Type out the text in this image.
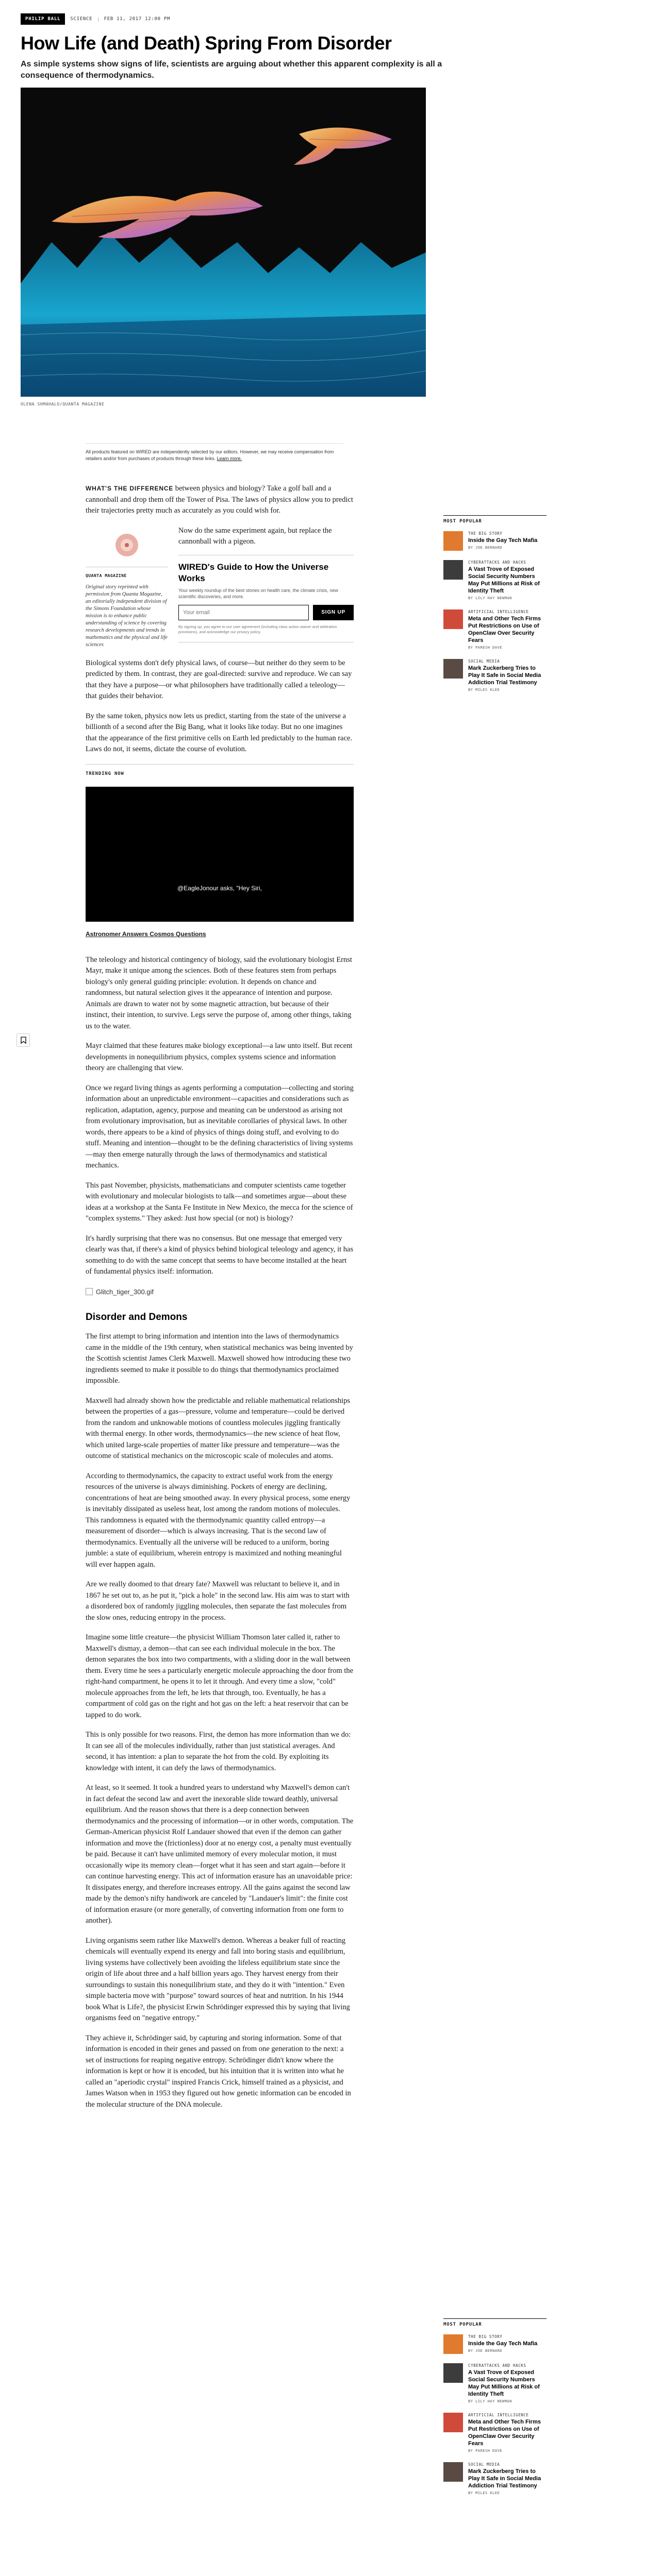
PHILIP BALL	SCIENCE | FEB 11, 2017 12:00 PM
How Life (and Death) Spring From Disorder

As simple systems show signs of life, scientists are arguing about whether this apparent complexity is all a consequence of thermodynamics.

OLENA SHMAHALO/QUANTA MAGAZINE
All products featured on WIRED are independently selected by our editors. However, we may receive compensation from retailers and/or from purchases of products through these links. Learn more.

WHAT'S THE DIFFERENCE between physics and biology? Take a golf ball and a cannonball and drop them off the Tower of Pisa. The laws of physics allow you to predict their trajectories pretty much as accurately as you could wish for.

QUANTA MAGAZINE
Original story reprinted with permission from Quanta Magazine, an editorially independent division of the Simons Foundation whose mission is to enhance public understanding of science by covering research developments and trends in mathematics and the physical and life sciences

Now do the same experiment again, but replace the cannonball with a pigeon.

WIRED's Guide to How the Universe Works
Your weekly roundup of the best stories on health care, the climate crisis, new scientific discoveries, and more.
Your email
SIGN UP
By signing up, you agree to our user agreement (including class action waiver and arbitration provisions), and acknowledge our privacy policy.

Biological systems don't defy physical laws, of course—but neither do they seem to be predicted by them. In contrast, they are goal-directed: survive and reproduce. We can say that they have a purpose—or what philosophers have traditionally called a teleology—that guides their behavior.

By the same token, physics now lets us predict, starting from the state of the universe a billionth of a second after the Big Bang, what it looks like today. But no one imagines that the appearance of the first primitive cells on Earth led predictably to the human race. Laws do not, it seems, dictate the course of evolution.

TRENDING NOW
@EagleJonour asks, "Hey Siri,
Astronomer Answers Cosmos Questions

The teleology and historical contingency of biology, said the evolutionary biologist Ernst Mayr, make it unique among the sciences. Both of these features stem from perhaps biology's only general guiding principle: evolution. It depends on chance and randomness, but natural selection gives it the appearance of intention and purpose. Animals are drawn to water not by some magnetic attraction, but because of their instinct, their intention, to survive. Legs serve the purpose of, among other things, taking us to the water.

Mayr claimed that these features make biology exceptional—a law unto itself. But recent developments in nonequilibrium physics, complex systems science and information theory are challenging that view.

Once we regard living things as agents performing a computation—collecting and storing information about an unpredictable environment—capacities and considerations such as replication, adaptation, agency, purpose and meaning can be understood as arising not from evolutionary improvisation, but as inevitable corollaries of physical laws. In other words, there appears to be a kind of physics of things doing stuff, and evolving to do stuff. Meaning and intention—thought to be the defining characteristics of living systems—may then emerge naturally through the laws of thermodynamics and statistical mechanics.

This past November, physicists, mathematicians and computer scientists came together with evolutionary and molecular biologists to talk—and sometimes argue—about these ideas at a workshop at the Santa Fe Institute in New Mexico, the mecca for the science of "complex systems." They asked: Just how special (or not) is biology?

It's hardly surprising that there was no consensus. But one message that emerged very clearly was that, if there's a kind of physics behind biological teleology and agency, it has something to do with the same concept that seems to have become installed at the heart of fundamental physics itself: information.

Glitch_tiger_300.gif
Disorder and Demons

The first attempt to bring information and intention into the laws of thermodynamics came in the middle of the 19th century, when statistical mechanics was being invented by the Scottish scientist James Clerk Maxwell. Maxwell showed how introducing these two ingredients seemed to make it possible to do things that thermodynamics proclaimed impossible.

Maxwell had already shown how the predictable and reliable mathematical relationships between the properties of a gas—pressure, volume and temperature—could be derived from the random and unknowable motions of countless molecules jiggling frantically with thermal energy. In other words, thermodynamics—the new science of heat flow, which united large-scale properties of matter like pressure and temperature—was the outcome of statistical mechanics on the microscopic scale of molecules and atoms.

According to thermodynamics, the capacity to extract useful work from the energy resources of the universe is always diminishing. Pockets of energy are declining, concentrations of heat are being smoothed away. In every physical process, some energy is inevitably dissipated as useless heat, lost among the random motions of molecules. This randomness is equated with the thermodynamic quantity called entropy—a measurement of disorder—which is always increasing. That is the second law of thermodynamics. Eventually all the universe will be reduced to a uniform, boring jumble: a state of equilibrium, wherein entropy is maximized and nothing meaningful will ever happen again.

Are we really doomed to that dreary fate? Maxwell was reluctant to believe it, and in 1867 he set out to, as he put it, "pick a hole" in the second law. His aim was to start with a disordered box of randomly jiggling molecules, then separate the fast molecules from the slow ones, reducing entropy in the process.

Imagine some little creature—the physicist William Thomson later called it, rather to Maxwell's dismay, a demon—that can see each individual molecule in the box. The demon separates the box into two compartments, with a sliding door in the wall between them. Every time he sees a particularly energetic molecule approaching the door from the right-hand compartment, he opens it to let it through. And every time a slow, "cold" molecule approaches from the left, he lets that through, too. Eventually, he has a compartment of cold gas on the right and hot gas on the left: a heat reservoir that can be tapped to do work.

This is only possible for two reasons. First, the demon has more information than we do: It can see all of the molecules individually, rather than just statistical averages. And second, it has intention: a plan to separate the hot from the cold. By exploiting its knowledge with intent, it can defy the laws of thermodynamics.

At least, so it seemed. It took a hundred years to understand why Maxwell's demon can't in fact defeat the second law and avert the inexorable slide toward deathly, universal equilibrium. And the reason shows that there is a deep connection between thermodynamics and the processing of information—or in other words, computation. The German-American physicist Rolf Landauer showed that even if the demon can gather information and move the (frictionless) door at no energy cost, a penalty must eventually be paid. Because it can't have unlimited memory of every molecular motion, it must occasionally wipe its memory clean—forget what it has seen and start again—before it can continue harvesting energy. This act of information erasure has an unavoidable price: It dissipates energy, and therefore increases entropy. All the gains against the second law made by the demon's nifty handiwork are canceled by "Landauer's limit": the finite cost of information erasure (or more generally, of converting information from one form to another).

Living organisms seem rather like Maxwell's demon. Whereas a beaker full of reacting chemicals will eventually expend its energy and fall into boring stasis and equilibrium, living systems have collectively been avoiding the lifeless equilibrium state since the origin of life about three and a half billion years ago. They harvest energy from their surroundings to sustain this nonequilibrium state, and they do it with "intention." Even simple bacteria move with "purpose" toward sources of heat and nutrition. In his 1944 book What is Life?, the physicist Erwin Schrödinger expressed this by saying that living organisms feed on "negative entropy."

They achieve it, Schrödinger said, by capturing and storing information. Some of that information is encoded in their genes and passed on from one generation to the next: a set of instructions for reaping negative entropy. Schrödinger didn't know where the information is kept or how it is encoded, but his intuition that it is written into what he called an "aperiodic crystal" inspired Francis Crick, himself trained as a physicist, and James Watson when in 1953 they figured out how genetic information can be encoded in the molecular structure of the DNA molecule.

MOST POPULAR
THE BIG STORY
Inside the Gay Tech Mafia
BY JOE BERNARD
CYBERATTACKS AND HACKS
A Vast Trove of Exposed Social Security Numbers May Put Millions at Risk of Identity Theft
BY LILY HAY NEWMAN
ARTIFICIAL INTELLIGENCE
Meta and Other Tech Firms Put Restrictions on Use of OpenClaw Over Security Fears
BY PARESH DAVE
SOCIAL MEDIA
Mark Zuckerberg Tries to Play It Safe in Social Media Addiction Trial Testimony
BY MILES KLEE
MOST POPULAR
THE BIG STORY
Inside the Gay Tech Mafia
BY JOE BERNARD
CYBERATTACKS AND HACKS
A Vast Trove of Exposed Social Security Numbers May Put Millions at Risk of Identity Theft
BY LILY HAY NEWMAN
ARTIFICIAL INTELLIGENCE
Meta and Other Tech Firms Put Restrictions on Use of OpenClaw Over Security Fears
BY PARESH DAVE
SOCIAL MEDIA
Mark Zuckerberg Tries to Play It Safe in Social Media Addiction Trial Testimony
BY MILES KLEE
